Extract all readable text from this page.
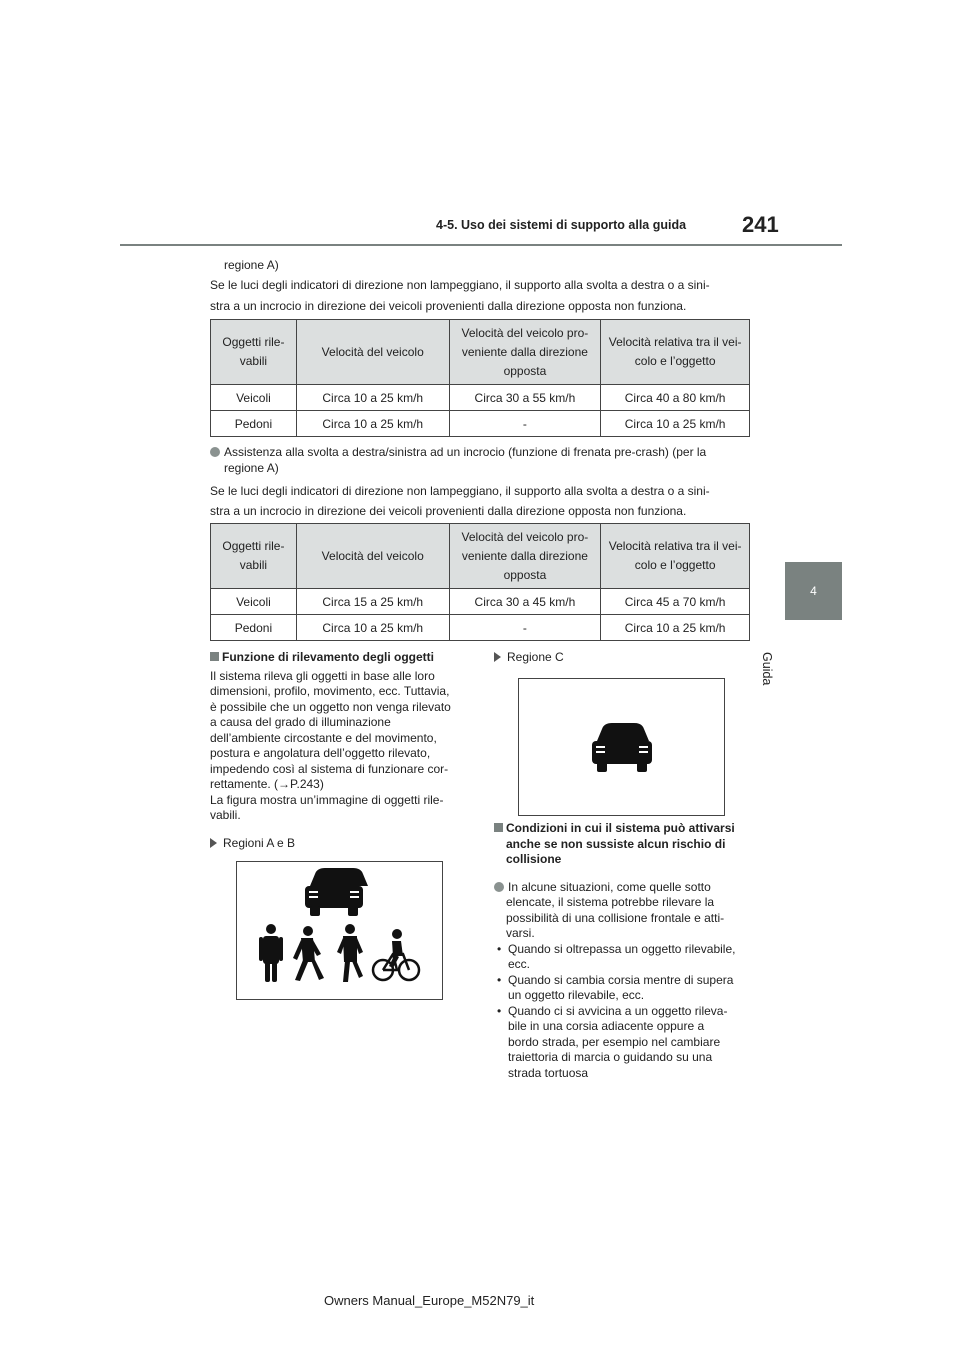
4-5. Uso dei sistemi di supporto alla guida	241
4
Guida

regione A)

Se le luci degli indicatori di direzione non lampeggiano, il supporto alla svolta a destra o a sini-

stra a un incrocio in direzione dei veicoli provenienti dalla direzione opposta non funziona.

Oggetti rile-
vabili	Velocità del veicolo	Velocità del veicolo pro-
veniente dalla direzione
opposta	Velocità relativa tra il vei-
colo e l’oggetto
Veicoli	Circa 10 a 25 km/h	Circa 30 a 55 km/h	Circa 40 a 80 km/h
Pedoni	Circa 10 a 25 km/h	-	Circa 10 a 25 km/h

Assistenza alla svolta a destra/sinistra ad un incrocio (funzione di frenata pre-crash) (per la

regione A)

Se le luci degli indicatori di direzione non lampeggiano, il supporto alla svolta a destra o a sini-

stra a un incrocio in direzione dei veicoli provenienti dalla direzione opposta non funziona.

Oggetti rile-
vabili	Velocità del veicolo	Velocità del veicolo pro-
veniente dalla direzione
opposta	Velocità relativa tra il vei-
colo e l’oggetto
Veicoli	Circa 15 a 25 km/h	Circa 30 a 45 km/h	Circa 45 a 70 km/h
Pedoni	Circa 10 a 25 km/h	-	Circa 10 a 25 km/h

Funzione di rilevamento degli oggetti

Il sistema rileva gli oggetti in base alle loro

dimensioni, profilo, movimento, ecc. Tuttavia,

è possibile che un oggetto non venga rilevato

a causa del grado di illuminazione

dell’ambiente circostante e del movimento,

postura e angolatura dell’oggetto rilevato,

impedendo così al sistema di funzionare cor-

rettamente. (→P.243)

La figura mostra un’immagine di oggetti rile-

vabili.

Regioni A e B

Regione C

Condizioni in cui il sistema può attivarsi

anche se non sussiste alcun rischio di

collisione

In alcune situazioni, come quelle sotto

elencate, il sistema potrebbe rilevare la

possibilità di una collisione frontale e atti-

varsi.

• Quando si oltrepassa un oggetto rilevabile,
ecc.
• Quando si cambia corsia mentre di supera
un oggetto rilevabile, ecc.
• Quando ci si avvicina a un oggetto rileva-
bile in una corsia adiacente oppure a
bordo strada, per esempio nel cambiare
traiettoria di marcia o guidando su una
strada tortuosa
Owners Manual_Europe_M52N79_it
